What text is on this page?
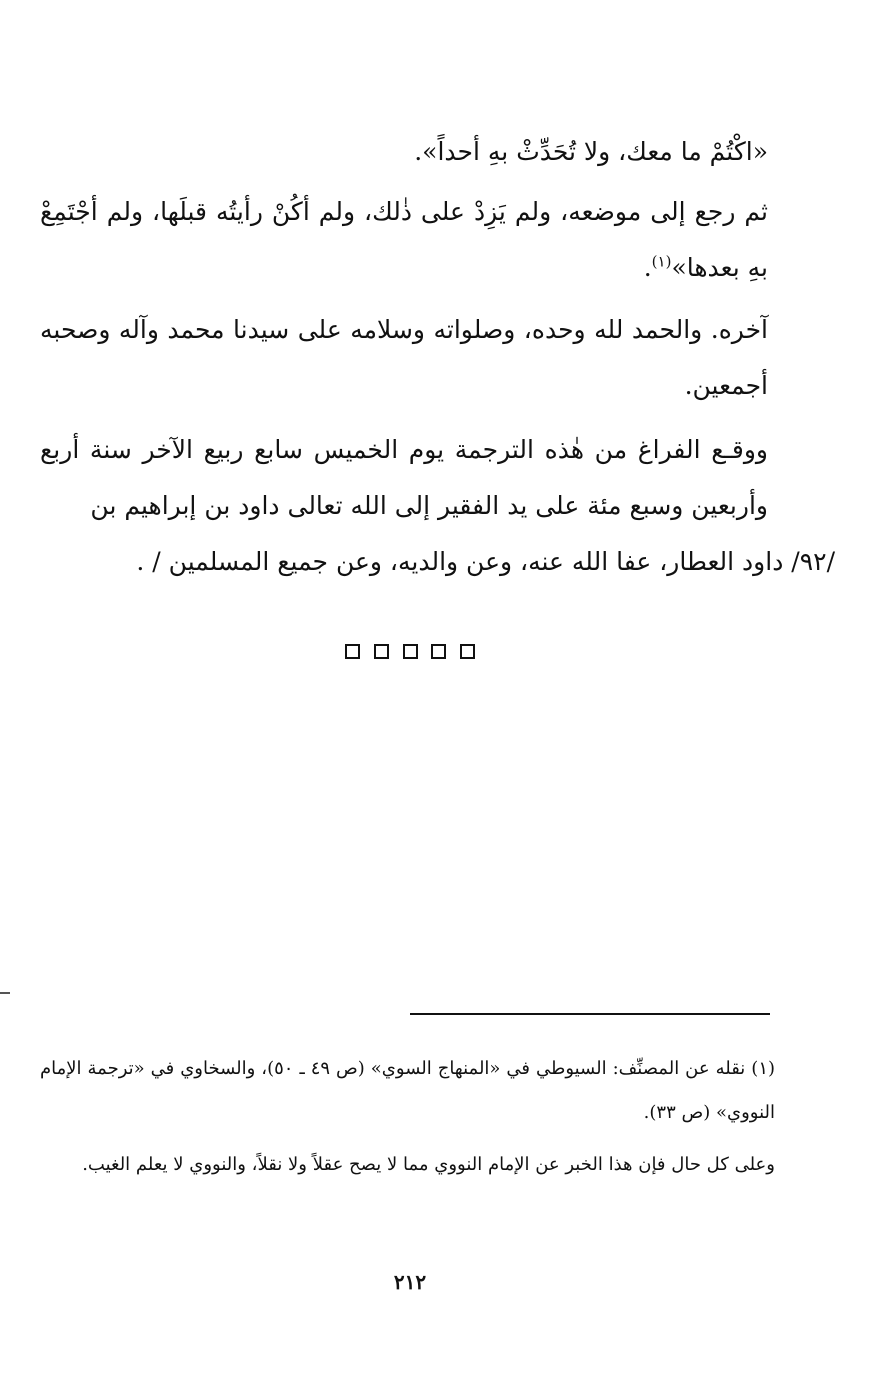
«اكْتُمْ ما معك، ولا تُحَدِّثْ بهِ أحداً».

ثم رجع إلى موضعه، ولم يَزِدْ على ذٰلك، ولم أكُنْ رأيتُه قبلَها، ولم أجْتَمِعْ بهِ بعدها»$^{(١)}$.

آخره. والحمد لله وحده، وصلواته وسلامه على سيدنا محمد وآله وصحبه أجمعين.

ووقـع الفراغ من هٰذه الترجمة يوم الخميس سابع ربيع الآخر سنة أربع وأربعين وسبع مئة على يد الفقير إلى الله تعالى داود بن إبراهيم بن

/٩٢/ داود العطار، عفا الله عنه، وعن والديه، وعن جميع المسلمين / .

(١) نقله عن المصنِّف: السيوطي في «المنهاج السوي» (ص ٤٩ ـ ٥٠)، والسخاوي في «ترجمة الإمام النووي» (ص ٣٣).

وعلى كل حال فإن هذا الخبر عن الإمام النووي مما لا يصح عقلاً ولا نقلاً، والنووي لا يعلم الغيب.

٢١٢
